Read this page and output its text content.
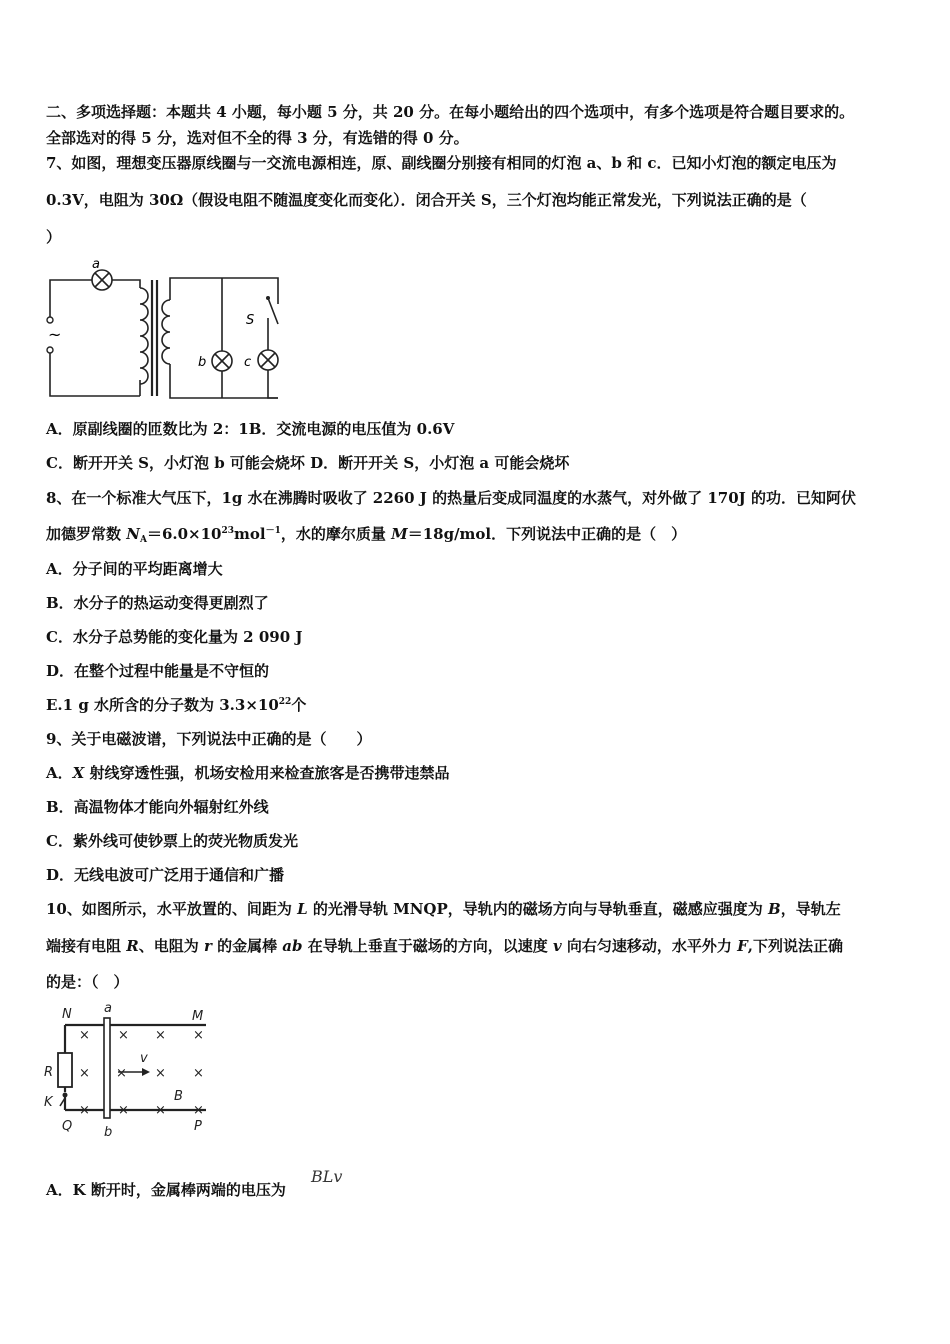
二、多项选择题：本题共 4 小题，每小题 5 分，共 20 分。在每小题给出的四个选项中，有多个选项是符合题目要求的。
全部选对的得 5 分，选对但不全的得 3 分，有选错的得 0 分。
7、如图，理想变压器原线圈与一交流电源相连，原、副线圈分别接有相同的灯泡 a、b 和 c．已知小灯泡的额定电压为
0.3V，电阻为 30Ω（假设电阻不随温度变化而变化）．闭合开关 S，三个灯泡均能正常发光，下列说法正确的是（
）
~
a
b	c
S
A．原副线圈的匝数比为 2：1B．交流电源的电压值为 0.6V
C．断开开关 S，小灯泡 b 可能会烧坏 D．断开开关 S，小灯泡 a 可能会烧坏
8、在一个标准大气压下，1g 水在沸腾时吸收了 2260 J 的热量后变成同温度的水蒸气，对外做了 170J 的功．已知阿伏
加德罗常数 $N_A=6.0\times 10^{23}mol^{-1}$，水的摩尔质量 M＝18g/mol．下列说法中正确的是（　）
A．分子间的平均距离增大
B．水分子的热运动变得更剧烈了
C．水分子总势能的变化量为 2 090 J
D．在整个过程中能量是不守恒的
E.1 g 水所含的分子数为 $3.3\times 10^{22}$个
9、关于电磁波谱，下列说法中正确的是（　　）
A．X 射线穿透性强，机场安检用来检查旅客是否携带违禁品
B．高温物体才能向外辐射红外线
C．紫外线可使钞票上的荧光物质发光
D．无线电波可广泛用于通信和广播
10、如图所示，水平放置的、间距为 L 的光滑导轨 MNQP，导轨内的磁场方向与导轨垂直，磁感应强度为 B，导轨左
端接有电阻 R、电阻为 r 的金属棒 ab 在导轨上垂直于磁场的方向，以速度 v 向右匀速移动，水平外力 F,下列说法正确
的是：（　）
× × × ×
× × × ×
× × × ×
N a
M
R
v
K	B
Q b	P
A．K 断开时，金属棒两端的电压为
BLv
